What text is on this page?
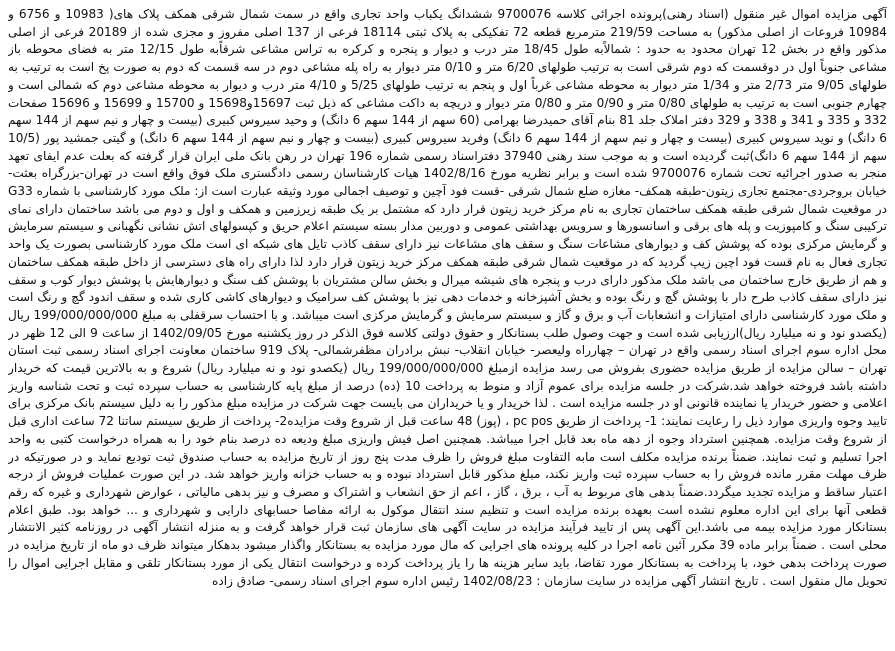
آگهی مزایده اموال غیر منقول (اسناد رهنی)پرونده اجرائی کلاسه 9700076 ششدانگ یکباب واحد تجاری واقع در سمت شمال شرقی همکف پلاک های( 10983 و 6756 و 10984 فروعات از اصلی مذکور) به مساحت 219/59 مترمربع قطعه 72 تفکیکی به پلاک ثبتی 18114 فرعی از 137 اصلی مفروز و مجزی شده از 20189 فرعی از اصلی مذکور واقع در بخش 12 تهران محدود به حدود : شمالاًبه طول 18/45 متر درب و دیوار و پنجره و کرکره به تراس مشاعی شرقاًبه طول 12/15 متر به فضای محوطه باز مشاعی جنوباً اول در دوقسمت که دوم شرقی است به ترتیب طولهای 6/20 متر و 0/10 متر دیوار به راه پله مشاعی دوم در سه قسمت که دوم به صورت پخ است به ترتیب به طولهای 9/05 متر 2/73 متر و 1/34 متر دیوار به محوطه مشاعی غرباً اول و پنجم به ترتیب طولهای 5/25 و 4/10 متر درب و دیوار به محوطه مشاعی دوم که شمالی است و چهارم جنوبی است به ترتیب به طولهای 0/80 متر و 0/90 متر و 0/80 متر دیوار و دریچه به داکت مشاعی که ذیل ثبت 15697و15698 و 15700 و 15699 و 15696 صفحات 332 و 335 و 341 و 338 و 329 دفتر املاک جلد 81 بنام آقای حمیدرضا بهرامی (60 سهم از 144 سهم 6 دانگ) و وحید سیروس کبیری (بیست و چهار و نیم سهم از 144 سهم 6 دانگ) و نوید سیروس کبیری (بیست و چهار و نیم سهم از 144 سهم 6 دانگ) وفرید سیروس کبیری (بیست و چهار و نیم سهم از 144 سهم 6 دانگ) و گیتی جمشید پور (10/5 سهم از 144 سهم 6 دانگ)ثبت گردیده است و به موجب سند رهنی 37940 دفتراسناد رسمی شماره 196 تهران در رهن بانک ملی ایران قرار گرفته که بعلت عدم ایفای تعهد منجر به صدور اجرائیه تحت شماره 9700076 شده است و برابر نظریه مورخ 1402/8/16 هیات کارشناسان رسمی دادگستری ملک فوق واقع است در تهران-بزرگراه بعثت-خیابان بروجردی-مجتمع تجاری زیتون-طبقه همکف- مغازه ضلع شمال شرقی -قست فود آچین و توصیف اجمالی مورد وثیقه عبارت است از: ملک مورد کارشناسی با شماره G33 در موقعیت شمال شرقی طبقه همکف ساختمان تجاری به نام مرکز خرید زیتون قرار دارد که مشتمل بر یک طبقه زیرزمین و همکف و اول و دوم می باشد ساختمان دارای نمای ترکیبی سنگ و کامپوزیت و پله های برقی و اسانسورها و سرویس بهداشتی عمومی و دوربین مدار بسته سیستم اعلام حریق و کپسولهای اتش نشانی نگهبانی و سیستم سرمایش و گرمایش مرکزی بوده که پوشش کف و دیوارهای مشاعات سنگ و سقف های مشاعات نیز دارای سقف کاذب تایل های شبکه ای است ملک مورد کارشناسی بصورت یک واحد تجاری فعال به نام قست فود اچین زیپ گردید که در موقعیت شمال شرقی طبقه همکف مرکز خرید زیتون قرار دارد لذا دارای راه های دسترسی از داخل طبقه همکف ساختمان و هم از طریق خارج ساختمان می باشد ملک مذکور دارای درب و پنجره های شیشه میرال و بخش سالن مشتریان با پوشش کف سنگ و دیوارهایش با پوشش دیوار کوب و سقف نیز دارای سقف کاذب طرح دار با پوشش گچ و رنگ بوده و بخش آشپزخانه و خدمات دهی نیز با پوشش کف سرامیک و دیوارهای کاشی کاری شده و سقف اندود گچ و رنگ است و ملک مورد کارشناسی دارای امتیازات و انشعابات آب و برق و گاز و سیستم سرمایش و گرمایش مرکزی است میباشد. و با احتساب سرقفلی به مبلغ 199/000/000/000 ریال (یکصدو نود و نه میلیارد ریال)ارزیابی شده است و جهت وصول طلب بستانکار و حقوق دولتی کلاسه فوق الذکر در روز یکشنبه مورخ 1402/09/05 از ساعت 9 الی 12 ظهر در محل اداره سوم اجرای اسناد رسمی واقع در تهران – چهارراه ولیعصر- خیابان انقلاب- نبش برادران مظفرشمالی- پلاک 919 ساختمان معاونت اجرای اسناد رسمی ثبت استان تهران – سالن مزایده از طریق مزایده حضوری بفروش می رسد مزایده ازمبلغ 199/000/000/000 ریال (یکصدو نود و نه میلیارد ریال) شروع و به بالاترین قیمت که خریدار داشته باشد فروخته خواهد شد.شرکت در جلسه مزایده برای عموم آزاد و منوط به پرداخت 10 (ده) درصد از مبلغ پایه کارشناسی به حساب سپرده ثبت و تحت شناسه واریز اعلامی و حضور خریدار یا نماینده قانونی او در جلسه مزایده است . لذا خریدار و یا خریداران می بایست جهت شرکت در مزایده مبلغ مذکور را به دلیل سیستم بانک مرکزی برای تایید وجوه واریزی موارد ذیل را رعایت نمایند: 1- پرداخت از طریق pc pos ، (پوز) 48 ساعت قبل از شروع وقت مزایده2- پرداخت از طریق سیستم ساتنا 72 ساعت اداری قبل از شروع وقت مزایده. همچنین استرداد وجوه از دهه ماه بعد قابل اجرا میباشد. همچنین اصل فیش واریزی مبلغ ودیعه ده درصد بنام خود را به همراه درخواست کتبی به واحد اجرا تسلیم و ثبت نمایند. ضمناً برنده مزایده مکلف است مابه التفاوت مبلغ فروش را ظرف مدت پنج روز از تاریخ مزایده به حساب صندوق ثبت تودیع نماید و در صورتیکه در ظرف مهلت مقرر مانده فروش را به حساب سپرده ثبت واریز نکند، مبلغ مذکور قابل استرداد نبوده و به حساب خزانه واریز خواهد شد. در این صورت عملیات فروش از درجه اعتبار ساقط و مزایده تجدید میگردد.ضمناً بدهی های مربوط به آب ، برق ، گاز ، اعم از حق انشعاب و اشتراک و مصرف و نیز بدهی مالیاتی ، عوارض شهرداری و غیره که رقم قطعی آنها برای این اداره معلوم نشده است بعهده برنده مزایده است و تنظیم سند انتقال موکول به ارائه مفاصا حسابهای دارایی و شهرداری و ... خواهد بود. طبق اعلام بستانکار مورد مزایده بیمه می باشد.این آگهی پس از تایید فرآیند مزایده در سایت آگهی های سازمان ثبت قرار خواهد گرفت و به منزله انتشار آگهی در روزنامه کثیر الانتشار محلی است . ضمناً برابر ماده 39 مکرر آئین نامه اجرا در کلیه پرونده های اجرایی که مال مورد مزایده به بستانکار واگذار میشود بدهکار میتواند ظرف دو ماه از تاریخ مزایده در صورت پرداخت بدهی خود، با پرداخت به بستانکار مورد تقاضا، باید سایر هزینه ها را یاز پرداخت کرده و درخواست انتقال یکی از مورد بستانکار تلقی و مقابل اجرایی اموال را تحویل مال منقول است . تاریخ انتشار آگهی مزایده در سایت سازمان : 1402/08/23 رئیس اداره سوم اجرای اسناد رسمی- صادق زاده
